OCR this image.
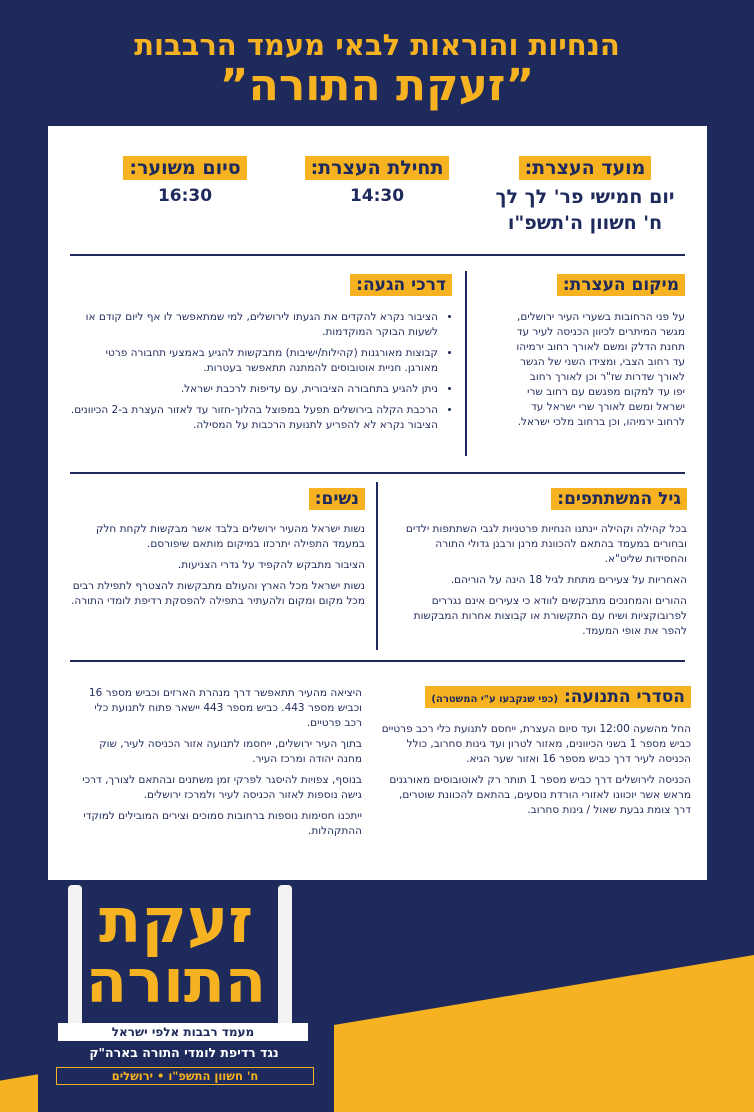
הנחיות והוראות לבאי מעמד הרבבות
”זעקת התורה”
מועד העצרת:
יום חמישי פר' לך לך
ח' חשוון ה'תשפ"ו
תחילת העצרת:
14:30
סיום משוער:
16:30
מיקום העצרת:
על פני הרחובות בשערי העיר ירושלים, מגשר המיתרים לכיוון הכניסה לעיר עד תחנת הדלק ומשם לאורך רחוב ירמיהו עד רחוב הצבי, ומצידו השני של הגשר לאורך שדרות שז"ר וכן לאורך רחוב יפו עד למקום מפגשם עם רחוב שרי ישראל ומשם לאורך שרי ישראל עד לרחוב ירמיהו, וכן ברחוב מלכי ישראל.
דרכי הגעה:
• הציבור נקרא להקדים את הגעתו לירושלים, למי שמתאפשר לו אף ליום קודם או לשעות הבוקר המוקדמות.
• קבוצות מאורגנות (קהילות/ישיבות) מתבקשות להגיע באמצעי תחבורה פרטי מאורגן. חניית אוטובוסים להמתנה תתאפשר בעטרות.
• ניתן להגיע בתחבורה הציבורית, עם עדיפות לרכבת ישראל.
• הרכבת הקלה בירושלים תפעל במפוצל בהלוך-חזור עד לאזור העצרת ב-2 הכיוונים. הציבור נקרא לא להפריע לתנועת הרכבות על המסילה.
גיל המשתתפים:

בכל קהילה וקהילה יינתנו הנחיות פרטניות לגבי השתתפות ילדים ובחורים במעמד בהתאם להכוונת מרנן ורבנן גדולי התורה והחסידות שליט"א.

האחריות על צעירים מתחת לגיל 18 הינה על הוריהם.

ההורים והמחנכים מתבקשים לוודא כי צעירים אינם נגררים לפרובוקציות ושיח עם התקשורת או קבוצות אחרות המבקשות להפר את אופי המעמד.

נשים:

נשות ישראל מהעיר ירושלים בלבד אשר מבקשות לקחת חלק במעמד התפילה יתרכזו במיקום מותאם שיפורסם.

הציבור מתבקש להקפיד על גדרי הצניעות.

נשות ישראל מכל הארץ והעולם מתבקשות להצטרף לתפילת רבים מכל מקום ומקום ולהעתיר בתפילה להפסקת רדיפת לומדי התורה.

הסדרי התנועה: (כפי שנקבעו ע"י המשטרה)

החל מהשעה 12:00 ועד סיום העצרת, ייחסם לתנועת כלי רכב פרטיים כביש מספר 1 בשני הכיוונים, מאזור לטרון ועד גינות סחרוב, כולל הכניסה לעיר דרך כביש מספר 16 ואזור שער הגיא.

הכניסה לירושלים דרך כביש מספר 1 תותר רק לאוטובוסים מאורגנים מראש אשר יוכוונו לאזורי הורדת נוסעים, בהתאם להכוונת שוטרים, דרך צומת גבעת שאול / גינות סחרוב.

היציאה מהעיר תתאפשר דרך מנהרת הארזים וכביש מספר 16 וכביש מספר 443. כביש מספר 443 יישאר פתוח לתנועת כלי רכב פרטיים.

בתוך העיר ירושלים, ייחסמו לתנועה אזור הכניסה לעיר, שוק מחנה יהודה ומרכז העיר.

בנוסף, צפויות להיסגר לפרקי זמן משתנים ובהתאם לצורך, דרכי גישה נוספות לאזור הכניסה לעיר ולמרכז ירושלים.

ייתכנו חסימות נוספות ברחובות סמוכים וצירים המובילים למוקדי ההתקהלות.

זעקת
התורה
מעמד רבבות אלפי ישראל
נגד רדיפת לומדי התורה בארה"ק
ח' חשוון התשפ"ו • ירושלים
